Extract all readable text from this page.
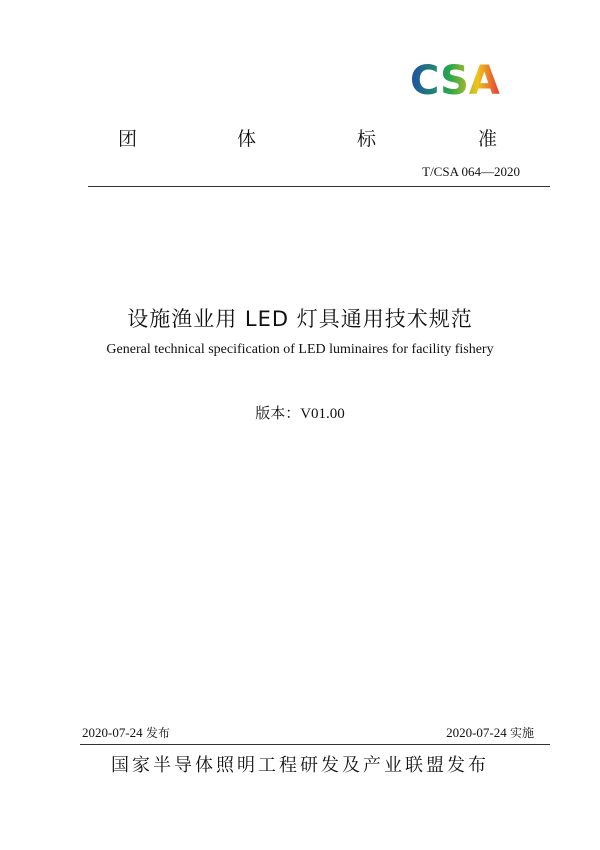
CSA
团	体	标	准
T/CSA 064—2020
设施渔业用 LED 灯具通用技术规范
General technical specification of LED luminaires for facility fishery
版本：V01.00
2020-07-24 发布	2020-07-24 实施
国家半导体照明工程研发及产业联盟发布
